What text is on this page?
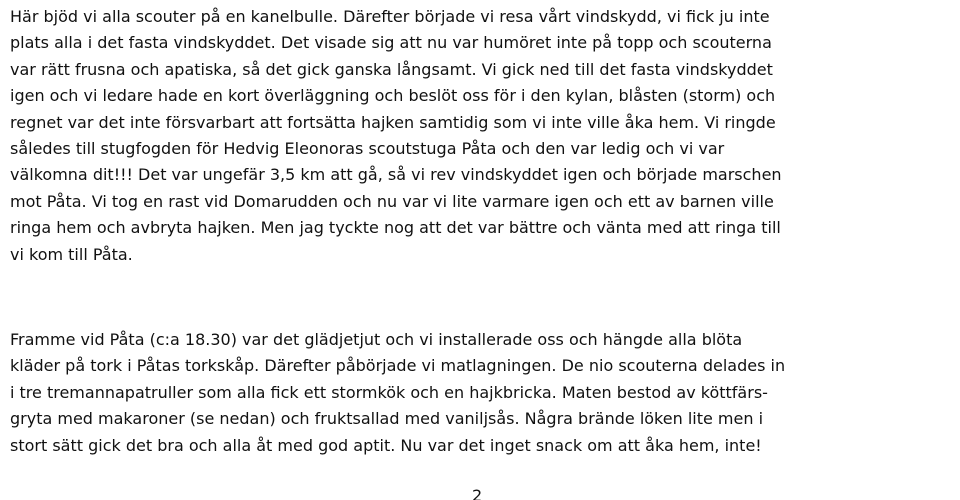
Här bjöd vi alla scouter på en kanelbulle. Därefter började vi resa vårt vindskydd, vi fick ju inte
plats alla i det fasta vindskyddet. Det visade sig att nu var humöret inte på topp och scouterna
var rätt frusna och apatiska, så det gick ganska långsamt. Vi gick ned till det fasta vindskyddet
igen och vi ledare hade en kort överläggning och beslöt oss för i den kylan, blåsten (storm) och
regnet var det inte försvarbart att fortsätta hajken samtidig som vi inte ville åka hem. Vi ringde
således till stugfogden för Hedvig Eleonoras scoutstuga Påta och den var ledig och vi var
välkomna dit!!! Det var ungefär 3,5 km att gå, så vi rev vindskyddet igen och började marschen
mot Påta. Vi tog en rast vid Domarudden och nu var vi lite varmare igen och ett av barnen ville
ringa hem och avbryta hajken. Men jag tyckte nog att det var bättre och vänta med att ringa till
vi kom till Påta.
Framme vid Påta (c:a 18.30) var det glädjetjut och vi installerade oss och hängde alla blöta
kläder på tork i Påtas torkskåp. Därefter påbörjade vi matlagningen. De nio scouterna delades in
i tre tremannapatruller som alla fick ett stormkök och en hajkbricka. Maten bestod av köttfärs-
gryta med makaroner (se nedan) och fruktsallad med vaniljsås. Några brände löken lite men i
stort sätt gick det bra och alla åt med god aptit. Nu var det inget snack om att åka hem, inte!
2
